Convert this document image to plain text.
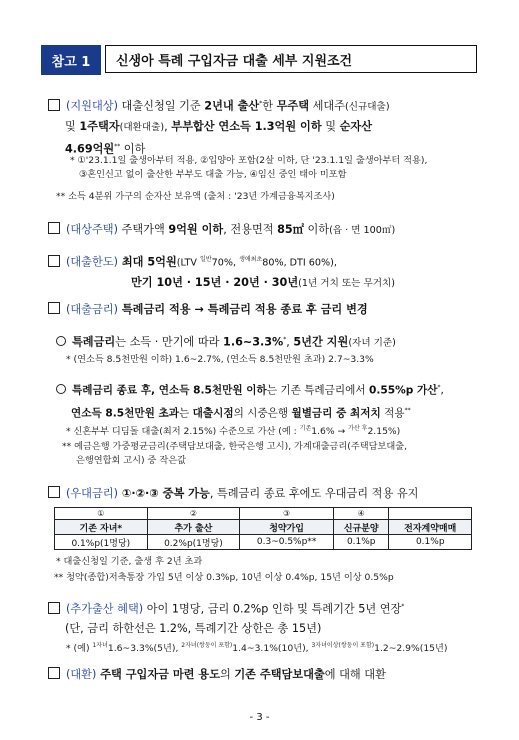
참고 1	신생아 특례 구입자금 대출 세부 지원조건
(지원대상) 대출신청일 기준 2년내 출산*한 무주택 세대주(신규대출)
및 1주택자(대환대출), 부부합산 연소득 1.3억원 이하 및 순자산
4.69억원** 이하
* ①'23.1.1일 출생아부터 적용, ②입양아 포함(2살 이하, 단 '23.1.1일 출생아부터 적용),
③혼인신고 없이 출산한 부부도 대출 가능, ④임신 중인 태아 미포함
** 소득 4분위 가구의 순자산 보유액 (출처 : '23년 가계금융복지조사)
(대상주택) 주택가액 9억원 이하, 전용면적 85㎡ 이하(읍 · 면 100㎡)
(대출한도) 최대 5억원(LTV $^{일반}$70%, $^{생애최초}$80%, DTI 60%),
만기 10년 · 15년 · 20년 · 30년(1년 거치 또는 무거치)
(대출금리) 특례금리 적용 → 특례금리 적용 종료 후 금리 변경
특례금리는 소득 · 만기에 따라 1.6~3.3%*, 5년간 지원(자녀 기준)
* (연소득 8.5천만원 이하) 1.6~2.7%, (연소득 8.5천만원 초과) 2.7~3.3%
특례금리 종료 후, 연소득 8.5천만원 이하는 기존 특례금리에서 0.55%p 가산*,
연소득 8.5천만원 초과는 대출시점의 시중은행 월별금리 중 최저치 적용**
* 신혼부부 디딤돌 대출(최저 2.15%) 수준으로 가산 (예 : $^{기존}$1.6% → $^{가산 후}$2.15%)
** 예금은행 가중평균금리(주택담보대출, 한국은행 고시), 가계대출금리(주택담보대출,
은행연합회 고시) 중 작은값
(우대금리) ①·②·③ 중복 가능, 특례금리 종료 후에도 우대금리 적용 유지
①	②	③	④	
기존 자녀*	추가 출산	청약가입	신규분양	전자계약매매
0.1%p(1명당)	0.2%p(1명당)	0.3~0.5%p**	0.1%p	0.1%p
* 대출신청일 기준, 출생 후 2년 초과
** 청약(종합)저축통장 가입 5년 이상 0.3%p, 10년 이상 0.4%p, 15년 이상 0.5%p
(추가출산 혜택) 아이 1명당, 금리 0.2%p 인하 및 특례기간 5년 연장*
(단, 금리 하한선은 1.2%, 특례기간 상한은 총 15년)
* (예) $^{1자녀}$1.6~3.3%(5년), $^{2자녀(쌍둥이 포함)}$1.4~3.1%(10년), $^{3자녀이상(쌍둥이 포함)}$1.2~2.9%(15년)
(대환) 주택 구입자금 마련 용도의 기존 주택담보대출에 대해 대환
- 3 -
